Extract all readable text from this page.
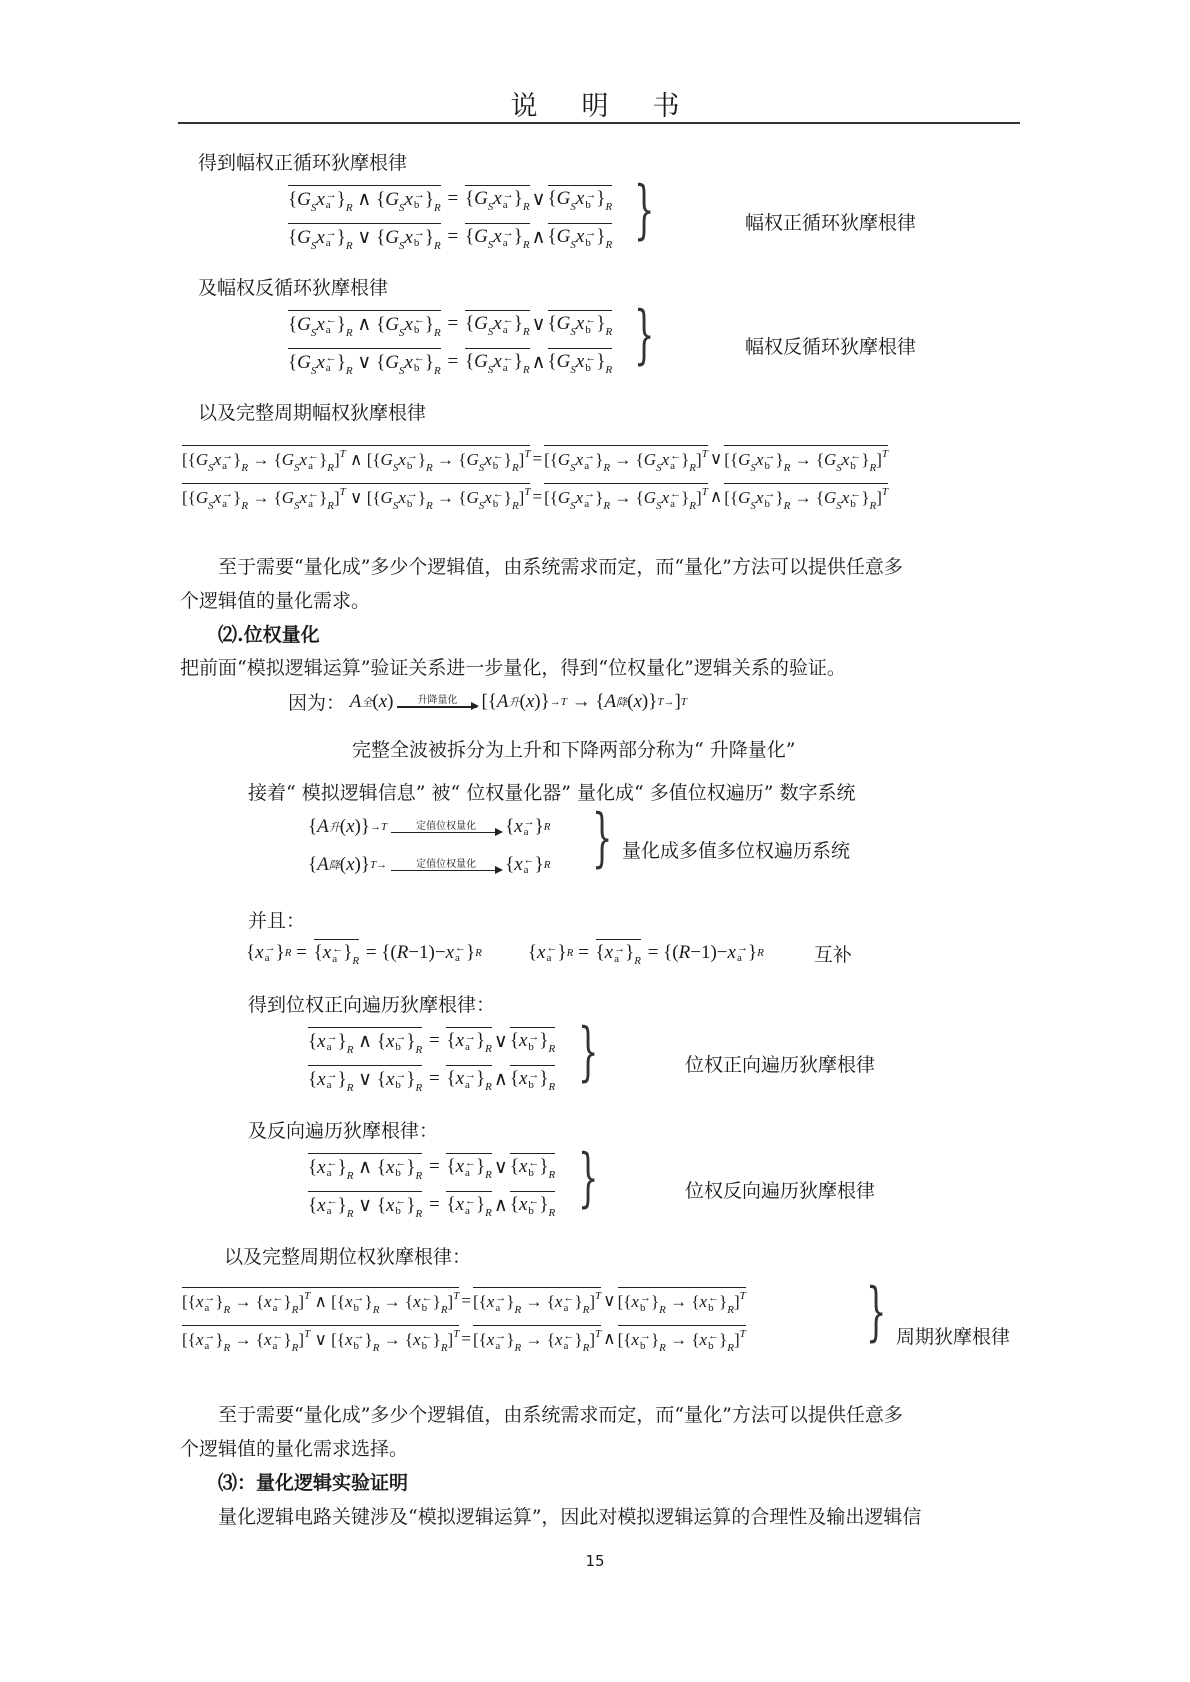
说明书
得到幅权正循环狄摩根律
{$G_Sx$ →
a }$_R$ ∧ {$G_Sx$ →
b }$_R = \{G_Sx$ →
a }$_R$ ∨ {$G_Sx$ →
b }$_R$
{$G_Sx$ →
a }$_R$ ∨ {$G_Sx$ →
b }$_R = \{G_Sx$ →
a }$_R$ ∧ {$G_Sx$ →
b }$_R$ }	幅权正循环狄摩根律
及幅权反循环狄摩根律
{$G_Sx$ ←
a }$_R$ ∧ {$G_Sx$ ←
b }$_R = \{G_Sx$ ←
a }$_R$ ∨ {$G_Sx$ ←
b }$_R$
{$G_Sx$ ←
a }$_R$ ∨ {$G_Sx$ ←
b }$_R = \{G_Sx$ ←
a }$_R$ ∧ {$G_Sx$ ←
b }$_R$ }	幅权反循环狄摩根律
以及完整周期幅权狄摩根律
[{$G_Sx$ →
a }$_R \to \{G_Sx$ ←
a }$_R]^T$ ∧ [{$G_Sx$ →
b }$_R \to \{G_Sx$ ←
b }$_R]^T = [\{G_Sx$ →
a }$_R \to \{G_Sx$ ←
a }$_R]^T$ ∨ [{$G_Sx$ →
b }$_R \to \{G_Sx$ ←
b }$_R]^T$
[{$G_Sx$ →
a }$_R \to \{G_Sx$ ←
a }$_R]^T$ ∨ [{$G_Sx$ →
b }$_R \to \{G_Sx$ ←
b }$_R]^T = [\{G_Sx$ →
a }$_R \to \{G_Sx$ ←
a }$_R]^T$ ∧ [{$G_Sx$ →
b }$_R \to \{G_Sx$ ←
b }$_R]^T$
至于需要“量化成”多少个逻辑值，由系统需求而定，而“量化”方法可以提供任意多
个逻辑值的量化需求。
⑵.位权量化
把前面“模拟逻辑运算”验证关系进一步量化，得到“位权量化”逻辑关系的验证。
因为：
A 全 ( x ) 升降量化 [{ A 升 ( x )} →T → { A 降 ( x )} T→ ] T
完整全波被拆分为上升和下降两部分称为“ 升降量化”
接着“ 模拟逻辑信息” 被“ 位权量化器” 量化成“ 多值位权遍历” 数字系统
{ A 升 ( x )} →T	定值位权量化 { x →
a } R
{ A 降 ( x )} T→	定值位权量化 { x ←
a } R } 量化成多值多位权遍历系统
并且：
{ x →
a } R = {x ←
a }$_R$ = {( R −1)− x ←
a } R { x ←
a } R = {x →
a }$_R$ = {( R −1)− x →
a } R	互补
得到位权正向遍历狄摩根律：
{x →
a }$_R$ ∧ {x →
b }$_R = \{x$ →
a }$_R$ ∨ {x →
b }$_R$
{x →
a }$_R$ ∨ {x →
b }$_R = \{x$ →
a }$_R$ ∧ {x →
b }$_R$ }	位权正向遍历狄摩根律
及反向遍历狄摩根律：
{x ←
a }$_R$ ∧ {x ←
b }$_R = \{x$ ←
a }$_R$ ∨ {x ←
b }$_R$
{x ←
a }$_R$ ∨ {x ←
b }$_R = \{x$ ←
a }$_R$ ∧ {x ←
b }$_R$ }	位权反向遍历狄摩根律
以及完整周期位权狄摩根律：
[{x →
a }$_R \to \{x$ ←
a }$_R]^T$ ∧ [{x →
b }$_R \to \{x$ ←
b }$_R]^T = [\{x$ →
a }$_R \to \{x$ ←
a }$_R]^T$ ∨ [{x →
b }$_R \to \{x$ ←
b }$_R]^T$
[{x →
a }$_R \to \{x$ ←
a }$_R]^T$ ∨ [{x →
b }$_R \to \{x$ ←
b }$_R]^T = [\{x$ →
a }$_R \to \{x$ ←
a }$_R]^T$ ∧ [{x →
b }$_R \to \{x$ ←
b }$_R]^T$ } 周期狄摩根律
至于需要“量化成”多少个逻辑值，由系统需求而定，而“量化”方法可以提供任意多
个逻辑值的量化需求选择。
⑶：量化逻辑实验证明
量化逻辑电路关键涉及“模拟逻辑运算”，因此对模拟逻辑运算的合理性及输出逻辑信
15
